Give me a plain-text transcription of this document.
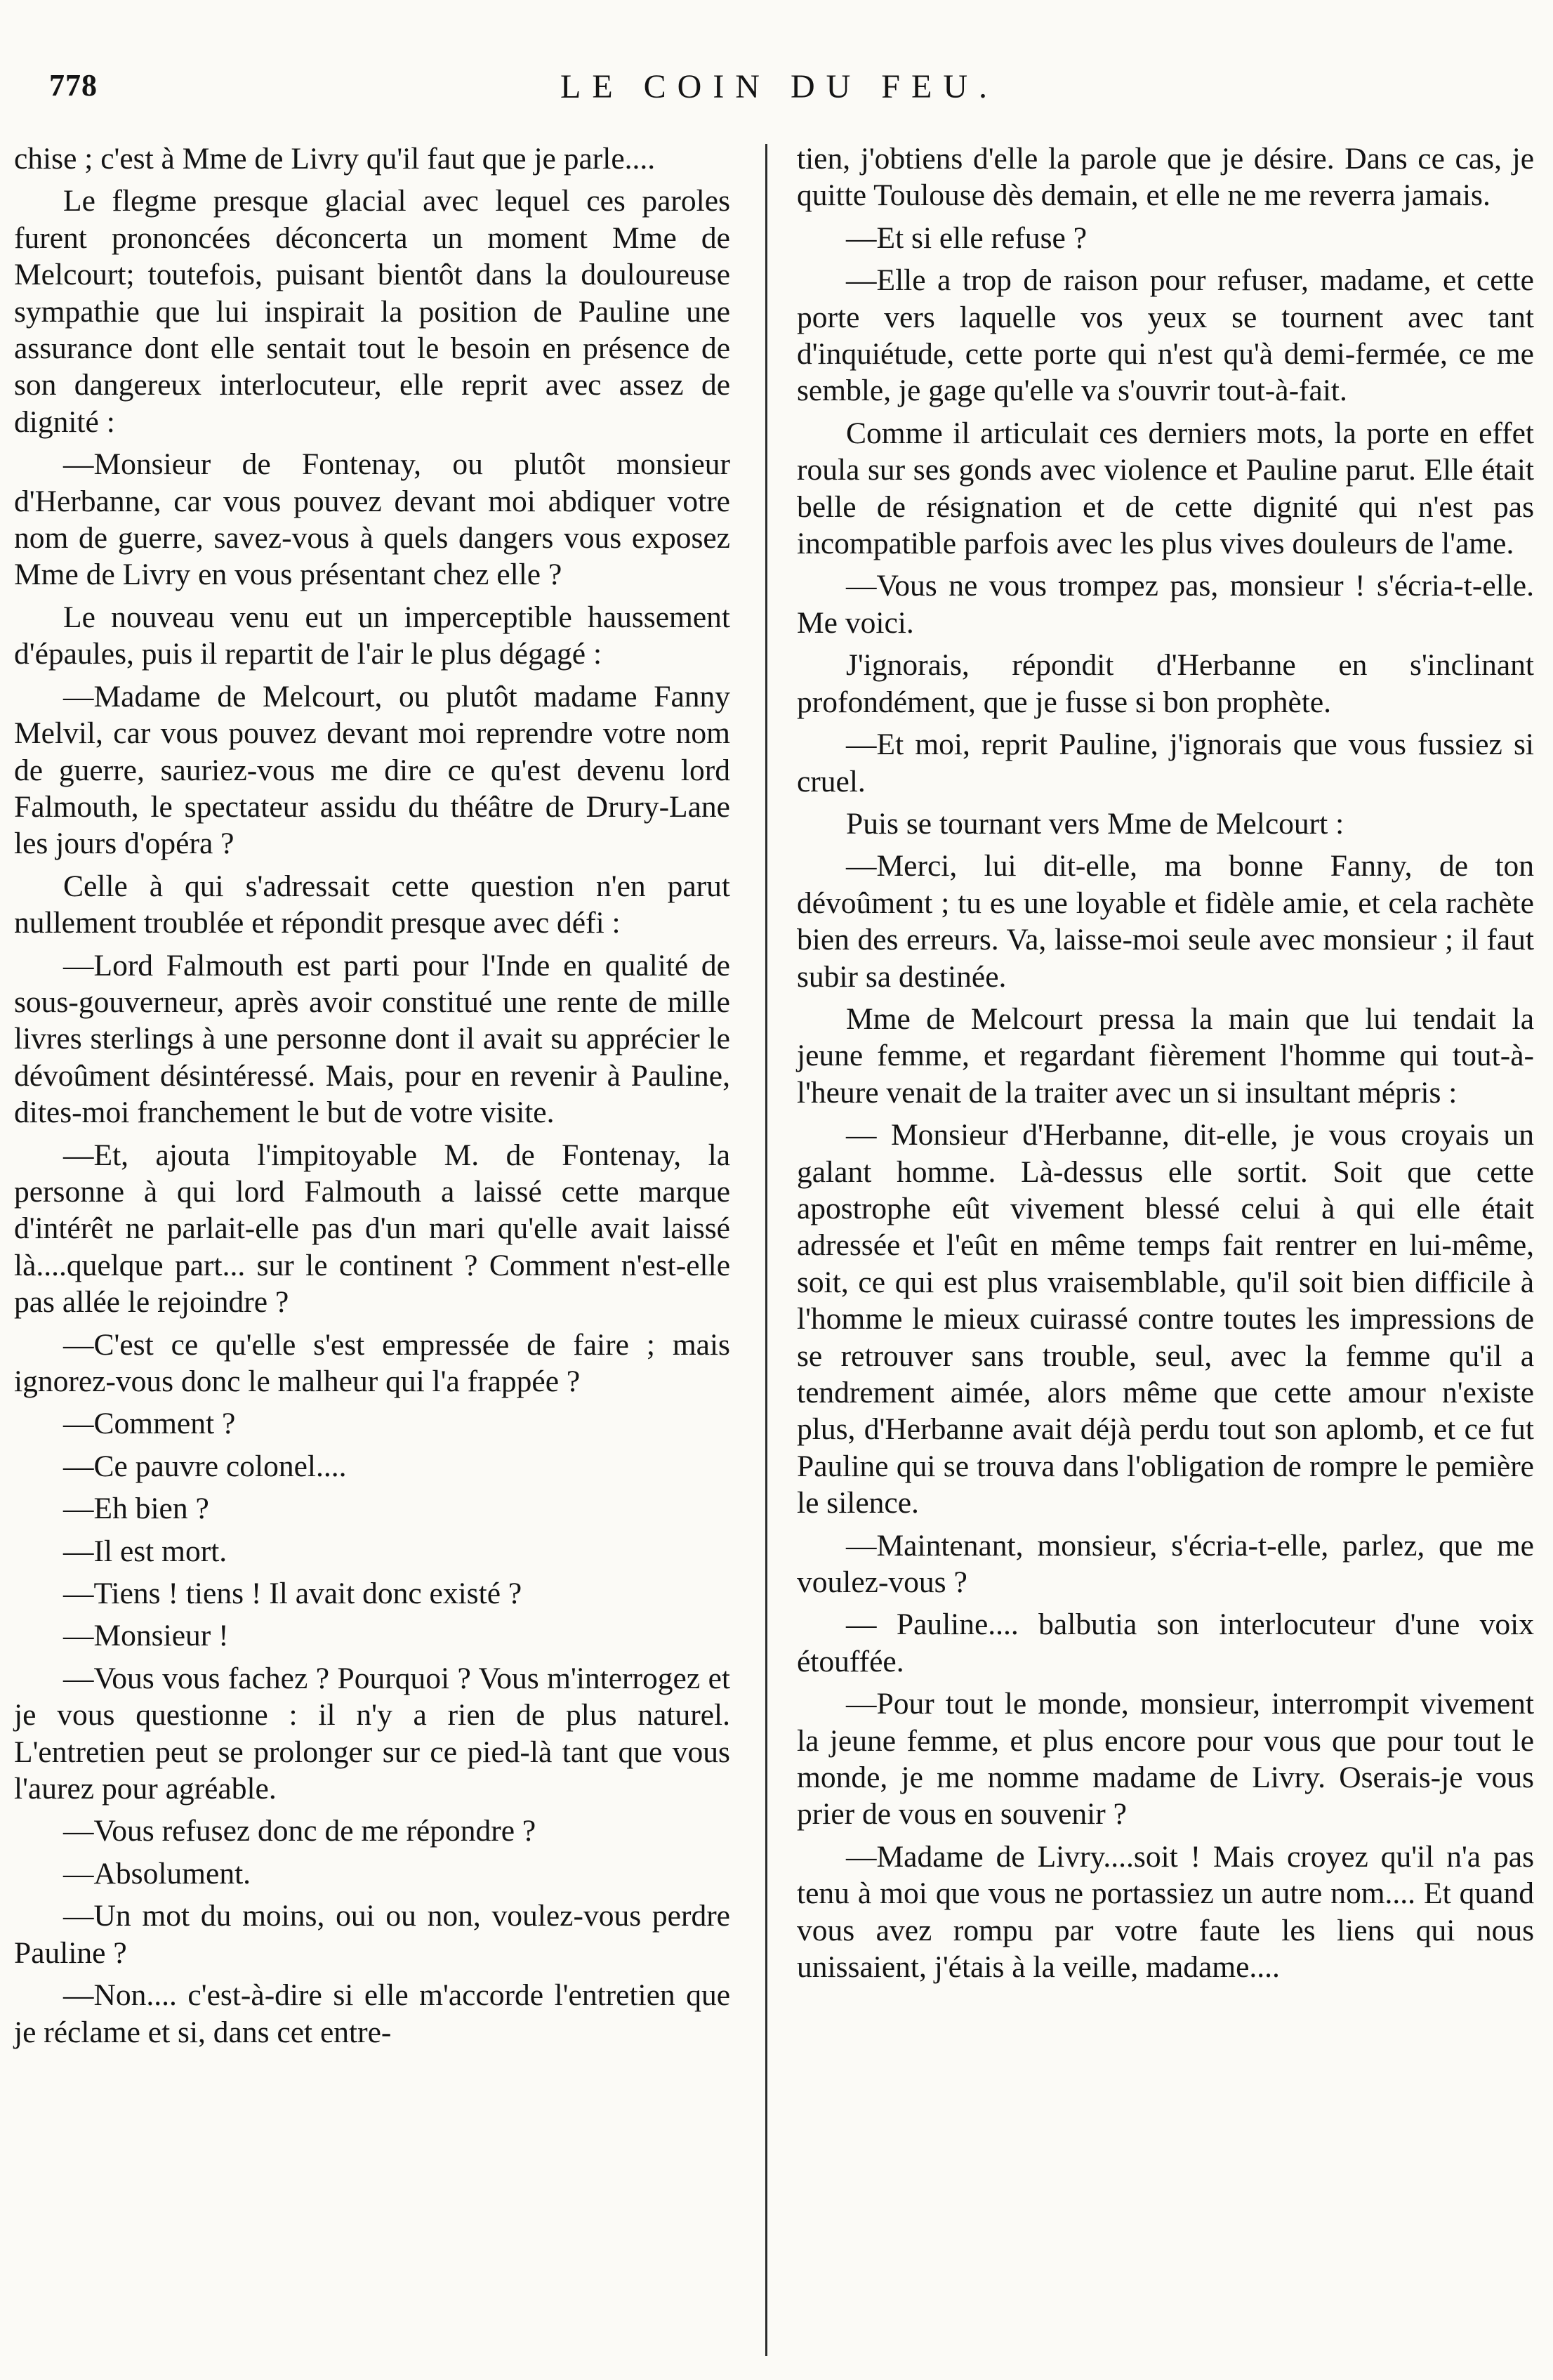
778	LE COIN DU FEU.

chise ; c'est à Mme de Livry qu'il faut que je parle....

Le flegme presque glacial avec lequel ces paroles furent prononcées déconcerta un moment Mme de Melcourt; toutefois, puisant bientôt dans la douloureuse sympathie que lui inspirait la position de Pauline une assurance dont elle sentait tout le besoin en présence de son dangereux interlocuteur, elle reprit avec assez de dignité :

—Monsieur de Fontenay, ou plutôt monsieur d'Herbanne, car vous pouvez devant moi abdiquer votre nom de guerre, savez-vous à quels dangers vous exposez Mme de Livry en vous présentant chez elle ?

Le nouveau venu eut un imperceptible haussement d'épaules, puis il repartit de l'air le plus dégagé :

—Madame de Melcourt, ou plutôt madame Fanny Melvil, car vous pouvez devant moi reprendre votre nom de guerre, sauriez-vous me dire ce qu'est devenu lord Falmouth, le spectateur assidu du théâtre de Drury-Lane les jours d'opéra ?

Celle à qui s'adressait cette question n'en parut nullement troublée et répondit presque avec défi :

—Lord Falmouth est parti pour l'Inde en qualité de sous-gouverneur, après avoir constitué une rente de mille livres sterlings à une personne dont il avait su apprécier le dévoûment désintéressé. Mais, pour en revenir à Pauline, dites-moi franchement le but de votre visite.

—Et, ajouta l'impitoyable M. de Fontenay, la personne à qui lord Falmouth a laissé cette marque d'intérêt ne parlait-elle pas d'un mari qu'elle avait laissé là....quelque part... sur le continent ? Comment n'est-elle pas allée le rejoindre ?

—C'est ce qu'elle s'est empressée de faire ; mais ignorez-vous donc le malheur qui l'a frappée ?

—Comment ?

—Ce pauvre colonel....

—Eh bien ?

—Il est mort.

—Tiens ! tiens ! Il avait donc existé ?

—Monsieur !

—Vous vous fachez ? Pourquoi ? Vous m'interrogez et je vous questionne : il n'y a rien de plus naturel. L'entretien peut se prolonger sur ce pied-là tant que vous l'aurez pour agréable.

—Vous refusez donc de me répondre ?

—Absolument.

—Un mot du moins, oui ou non, voulez-vous perdre Pauline ?

—Non.... c'est-à-dire si elle m'accorde l'entretien que je réclame et si, dans cet entre-

tien, j'obtiens d'elle la parole que je désire. Dans ce cas, je quitte Toulouse dès demain, et elle ne me reverra jamais.

—Et si elle refuse ?

—Elle a trop de raison pour refuser, madame, et cette porte vers laquelle vos yeux se tournent avec tant d'inquiétude, cette porte qui n'est qu'à demi-fermée, ce me semble, je gage qu'elle va s'ouvrir tout-à-fait.

Comme il articulait ces derniers mots, la porte en effet roula sur ses gonds avec violence et Pauline parut. Elle était belle de résignation et de cette dignité qui n'est pas incompatible parfois avec les plus vives douleurs de l'ame.

—Vous ne vous trompez pas, monsieur ! s'écria-t-elle. Me voici.

J'ignorais, répondit d'Herbanne en s'inclinant profondément, que je fusse si bon prophète.

—Et moi, reprit Pauline, j'ignorais que vous fussiez si cruel.

Puis se tournant vers Mme de Melcourt :

—Merci, lui dit-elle, ma bonne Fanny, de ton dévoûment ; tu es une loyable et fidèle amie, et cela rachète bien des erreurs. Va, laisse-moi seule avec monsieur ; il faut subir sa destinée.

Mme de Melcourt pressa la main que lui tendait la jeune femme, et regardant fièrement l'homme qui tout-à-l'heure venait de la traiter avec un si insultant mépris :

— Monsieur d'Herbanne, dit-elle, je vous croyais un galant homme. Là-dessus elle sortit. Soit que cette apostrophe eût vivement blessé celui à qui elle était adressée et l'eût en même temps fait rentrer en lui-même, soit, ce qui est plus vraisemblable, qu'il soit bien difficile à l'homme le mieux cuirassé contre toutes les impressions de se retrouver sans trouble, seul, avec la femme qu'il a tendrement aimée, alors même que cette amour n'existe plus, d'Herbanne avait déjà perdu tout son aplomb, et ce fut Pauline qui se trouva dans l'obligation de rompre le pemière le silence.

—Maintenant, monsieur, s'écria-t-elle, parlez, que me voulez-vous ?

— Pauline.... balbutia son interlocuteur d'une voix étouffée.

—Pour tout le monde, monsieur, interrompit vivement la jeune femme, et plus encore pour vous que pour tout le monde, je me nomme madame de Livry. Oserais-je vous prier de vous en souvenir ?

—Madame de Livry....soit ! Mais croyez qu'il n'a pas tenu à moi que vous ne portassiez un autre nom.... Et quand vous avez rompu par votre faute les liens qui nous unissaient, j'étais à la veille, madame....
